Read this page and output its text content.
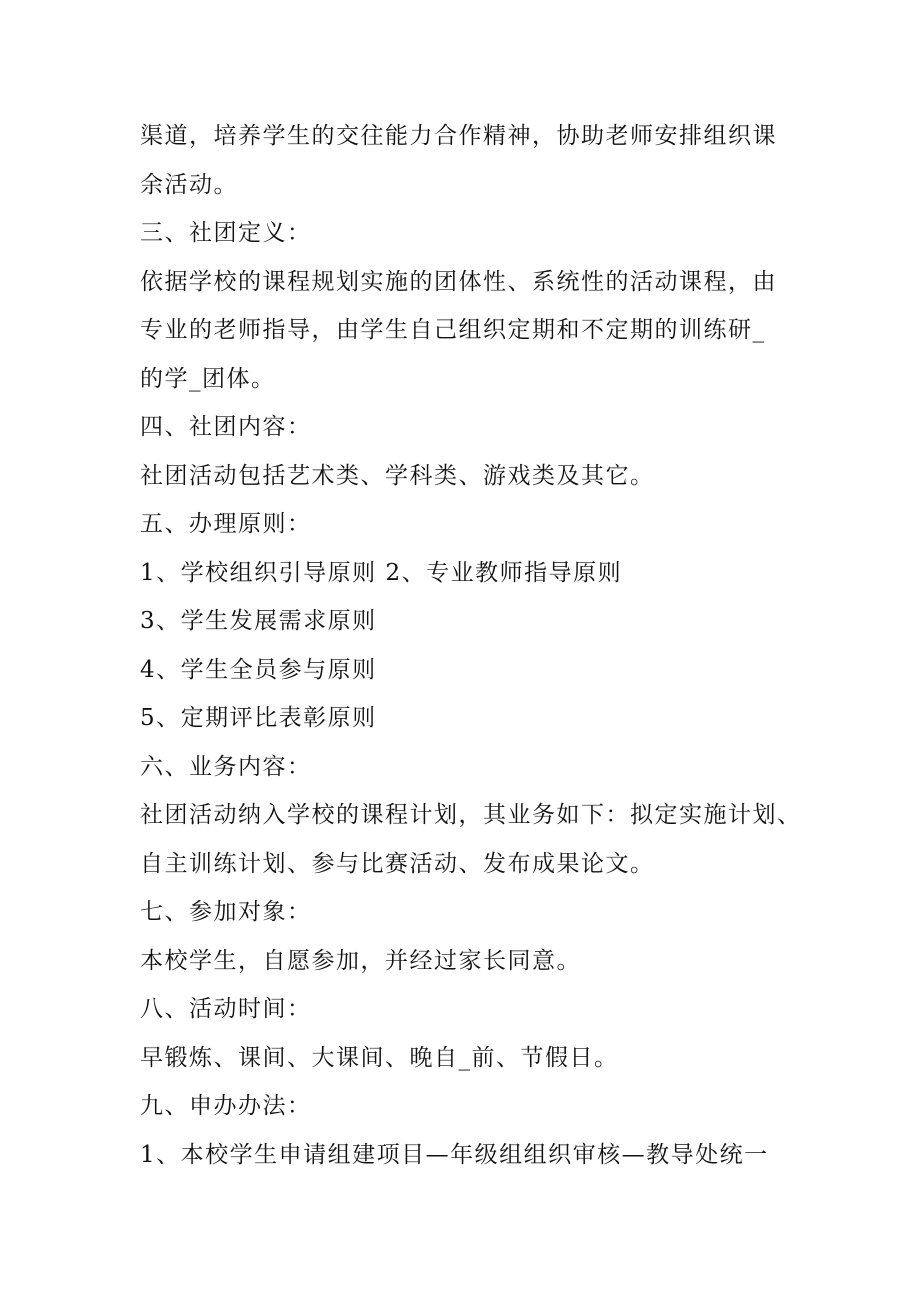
渠道，培养学生的交往能力合作精神，协助老师安排组织课
余活动。
三、社团定义：
依据学校的课程规划实施的团体性、系统性的活动课程，由
专业的老师指导，由学生自己组织定期和不定期的训练研_
的学_团体。
四、社团内容：
社团活动包括艺术类、学科类、游戏类及其它。
五、办理原则：
1、学校组织引导原则 2、专业教师指导原则
3、学生发展需求原则
4、学生全员参与原则
5、定期评比表彰原则
六、业务内容：
社团活动纳入学校的课程计划，其业务如下：拟定实施计划、
自主训练计划、参与比赛活动、发布成果论文。
七、参加对象：
本校学生，自愿参加，并经过家长同意。
八、活动时间：
早锻炼、课间、大课间、晚自_前、节假日。
九、申办办法：
1、本校学生申请组建项目—年级组组织审核—教导处统一
